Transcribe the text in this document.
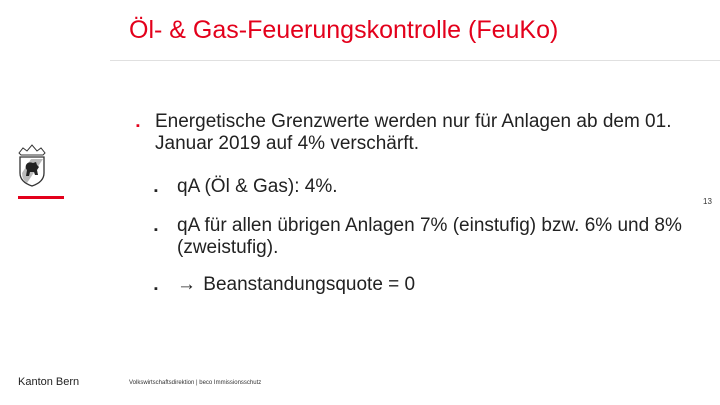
Öl- & Gas-Feuerungskontrolle (FeuKo)
▪ Energetische Grenzwerte werden nur für Anlagen ab dem 01. Januar 2019 auf 4% verschärft.
▪	qA (Öl & Gas): 4%.
▪	qA für allen übrigen Anlagen 7% (einstufig) bzw. 6% und 8% (zweistufig).
▪	→ Beanstandungsquote = 0
13
Kanton Bern	Volkswirtschaftsdirektion | beco Immissionsschutz
